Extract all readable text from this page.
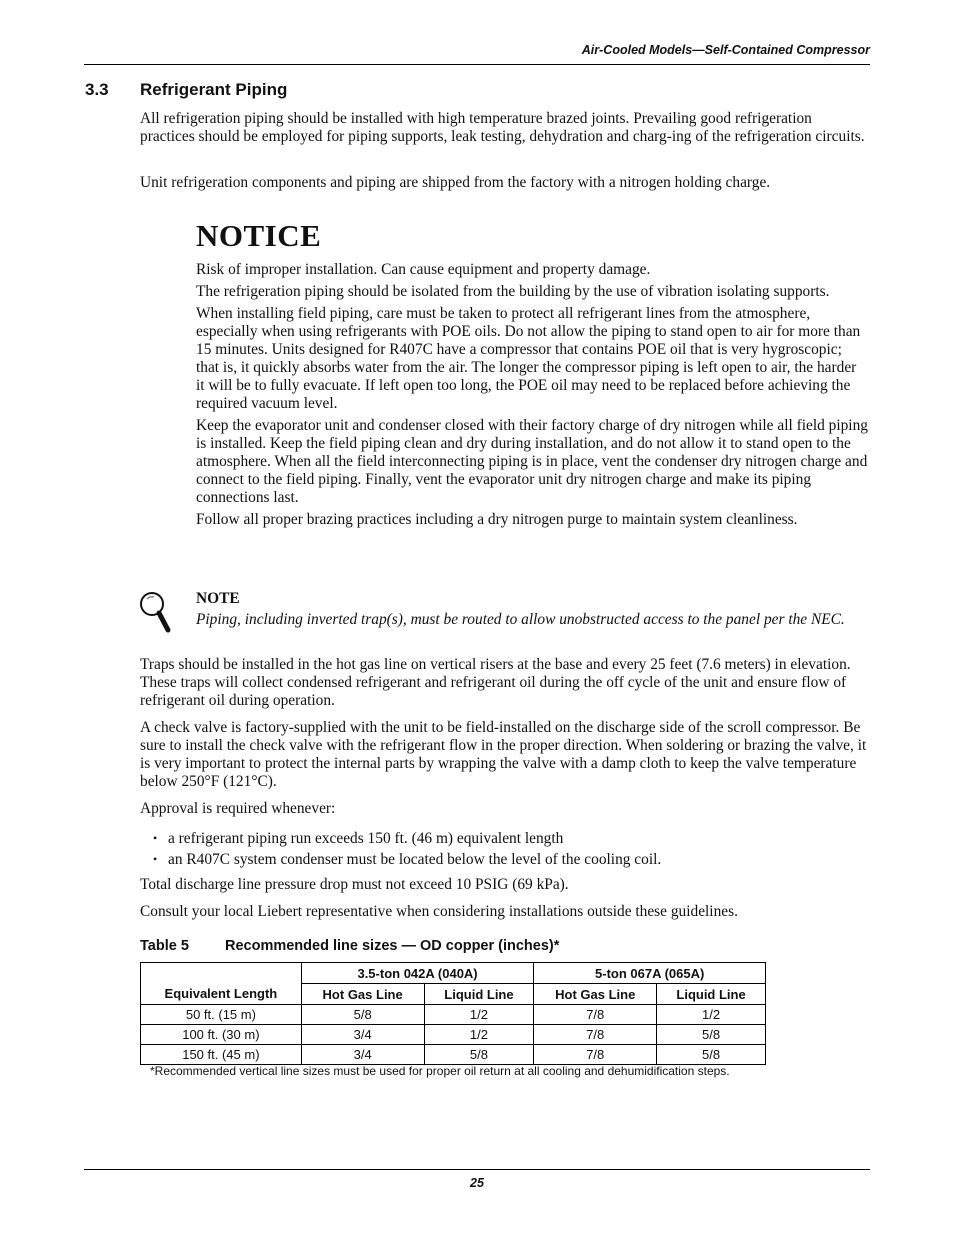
Air-Cooled Models—Self-Contained Compressor
3.3 Refrigerant Piping

All refrigeration piping should be installed with high temperature brazed joints. Prevailing good refrigeration practices should be employed for piping supports, leak testing, dehydration and charg-ing of the refrigeration circuits.

Unit refrigeration components and piping are shipped from the factory with a nitrogen holding charge.

NOTICE

Risk of improper installation. Can cause equipment and property damage.

The refrigeration piping should be isolated from the building by the use of vibration isolating supports.

When installing field piping, care must be taken to protect all refrigerant lines from the atmosphere, especially when using refrigerants with POE oils. Do not allow the piping to stand open to air for more than 15 minutes. Units designed for R407C have a compressor that contains POE oil that is very hygroscopic; that is, it quickly absorbs water from the air. The longer the compressor piping is left open to air, the harder it will be to fully evacuate. If left open too long, the POE oil may need to be replaced before achieving the required vacuum level.

Keep the evaporator unit and condenser closed with their factory charge of dry nitrogen while all field piping is installed. Keep the field piping clean and dry during installation, and do not allow it to stand open to the atmosphere. When all the field interconnecting piping is in place, vent the condenser dry nitrogen charge and connect to the field piping. Finally, vent the evaporator unit dry nitrogen charge and make its piping connections last.

Follow all proper brazing practices including a dry nitrogen purge to maintain system cleanliness.

NOTE
Piping, including inverted trap(s), must be routed to allow unobstructed access to the panel per the NEC.

Traps should be installed in the hot gas line on vertical risers at the base and every 25 feet (7.6 meters) in elevation. These traps will collect condensed refrigerant and refrigerant oil during the off cycle of the unit and ensure flow of refrigerant oil during operation.

A check valve is factory-supplied with the unit to be field-installed on the discharge side of the scroll compressor. Be sure to install the check valve with the refrigerant flow in the proper direction. When soldering or brazing the valve, it is very important to protect the internal parts by wrapping the valve with a damp cloth to keep the valve temperature below 250°F (121°C).

Approval is required whenever:

• a refrigerant piping run exceeds 150 ft. (46 m) equivalent length
• an R407C system condenser must be located below the level of the cooling coil.

Total discharge line pressure drop must not exceed 10 PSIG (69 kPa).

Consult your local Liebert representative when considering installations outside these guidelines.

Table 5 Recommended line sizes — OD copper (inches)*
Equivalent Length	3.5-ton 042A (040A)		5-ton 067A (065A)	
	Hot Gas Line	Liquid Line	Hot Gas Line	Liquid Line
50 ft. (15 m)	5/8	1/2	7/8	1/2
100 ft. (30 m)	3/4	1/2	7/8	5/8
150 ft. (45 m)	3/4	5/8	7/8	5/8
*Recommended vertical line sizes must be used for proper oil return at all cooling and dehumidification steps.
25
